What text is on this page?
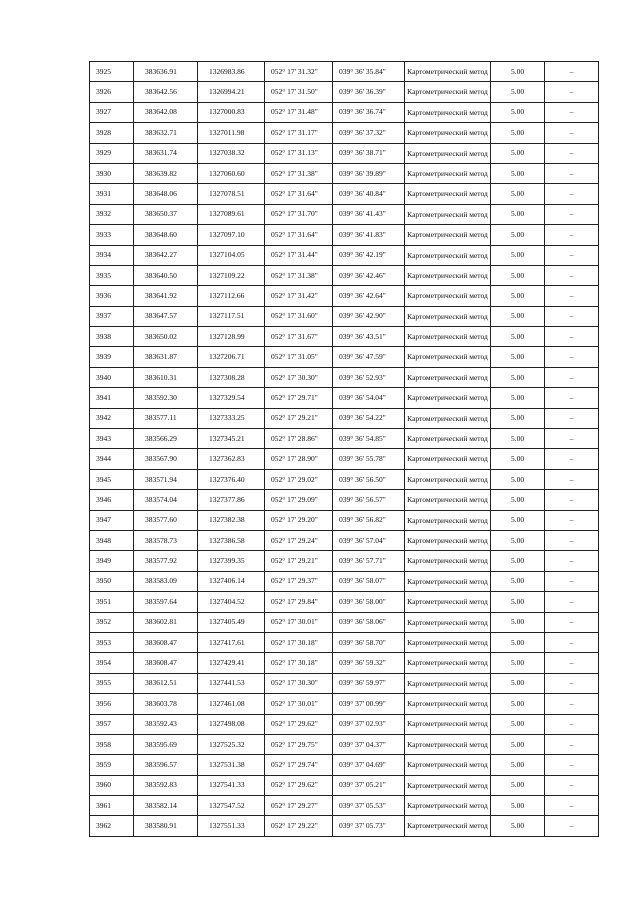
3925	383636.91	1326983.86	052° 17' 31.32"	039° 36' 35.84"	Картометрический метод	5.00	–
3926	383642.56	1326994.21	052° 17' 31.50"	039° 36' 36.39"	Картометрический метод	5.00	–
3927	383642.08	1327000.83	052° 17' 31.48"	039° 36' 36.74"	Картометрический метод	5.00	–
3928	383632.71	1327011.98	052° 17' 31.17"	039° 36' 37.32"	Картометрический метод	5.00	–
3929	383631.74	1327038.32	052° 17' 31.13"	039° 36' 38.71"	Картометрический метод	5.00	–
3930	383639.82	1327060.60	052° 17' 31.38"	039° 36' 39.89"	Картометрический метод	5.00	–
3931	383648.06	1327078.51	052° 17' 31.64"	039° 36' 40.84"	Картометрический метод	5.00	–
3932	383650.37	1327089.61	052° 17' 31.70"	039° 36' 41.43"	Картометрический метод	5.00	–
3933	383648.60	1327097.10	052° 17' 31.64"	039° 36' 41.83"	Картометрический метод	5.00	–
3934	383642.27	1327104.05	052° 17' 31.44"	039° 36' 42.19"	Картометрический метод	5.00	–
3935	383640.50	1327109.22	052° 17' 31.38"	039° 36' 42.46"	Картометрический метод	5.00	–
3936	383641.92	1327112.66	052° 17' 31.42"	039° 36' 42.64"	Картометрический метод	5.00	–
3937	383647.57	1327117.51	052° 17' 31.60"	039° 36' 42.90"	Картометрический метод	5.00	–
3938	383650.02	1327128.99	052° 17' 31.67"	039° 36' 43.51"	Картометрический метод	5.00	–
3939	383631.87	1327206.71	052° 17' 31.05"	039° 36' 47.59"	Картометрический метод	5.00	–
3940	383610.31	1327308.28	052° 17' 30.30"	039° 36' 52.93"	Картометрический метод	5.00	–
3941	383592.30	1327329.54	052° 17' 29.71"	039° 36' 54.04"	Картометрический метод	5.00	–
3942	383577.11	1327333.25	052° 17' 29.21"	039° 36' 54.22"	Картометрический метод	5.00	–
3943	383566.29	1327345.21	052° 17' 28.86"	039° 36' 54.85"	Картометрический метод	5.00	–
3944	383567.90	1327362.83	052° 17' 28.90"	039° 36' 55.78"	Картометрический метод	5.00	–
3945	383571.94	1327376.40	052° 17' 29.02"	039° 36' 56.50"	Картометрический метод	5.00	–
3946	383574.04	1327377.86	052° 17' 29.09"	039° 36' 56.57"	Картометрический метод	5.00	–
3947	383577.60	1327382.38	052° 17' 29.20"	039° 36' 56.82"	Картометрический метод	5.00	–
3948	383578.73	1327386.58	052° 17' 29.24"	039° 36' 57.04"	Картометрический метод	5.00	–
3949	383577.92	1327399.35	052° 17' 29.21"	039° 36' 57.71"	Картометрический метод	5.00	–
3950	383583.09	1327406.14	052° 17' 29.37"	039° 36' 58.07"	Картометрический метод	5.00	–
3951	383597.64	1327404.52	052° 17' 29.84"	039° 36' 58.00"	Картометрический метод	5.00	–
3952	383602.81	1327405.49	052° 17' 30.01"	039° 36' 58.06"	Картометрический метод	5.00	–
3953	383608.47	1327417.61	052° 17' 30.18"	039° 36' 58.70"	Картометрический метод	5.00	–
3954	383608.47	1327429.41	052° 17' 30.18"	039° 36' 59.32"	Картометрический метод	5.00	–
3955	383612.51	1327441.53	052° 17' 30.30"	039° 36' 59.97"	Картометрический метод	5.00	–
3956	383603.78	1327461.08	052° 17' 30.01"	039° 37' 00.99"	Картометрический метод	5.00	–
3957	383592.43	1327498.08	052° 17' 29.62"	039° 37' 02.93"	Картометрический метод	5.00	–
3958	383595.69	1327525.32	052° 17' 29.75"	039° 37' 04.37"	Картометрический метод	5.00	–
3959	383596.57	1327531.38	052° 17' 29.74"	039° 37' 04.69"	Картометрический метод	5.00	–
3960	383592.83	1327541.33	052° 17' 29.62"	039° 37' 05.21"	Картометрический метод	5.00	–
3961	383582.14	1327547.52	052° 17' 29.27"	039° 37' 05.53"	Картометрический метод	5.00	–
3962	383580.91	1327551.33	052° 17' 29.22"	039° 37' 05.73"	Картометрический метод	5.00	–
